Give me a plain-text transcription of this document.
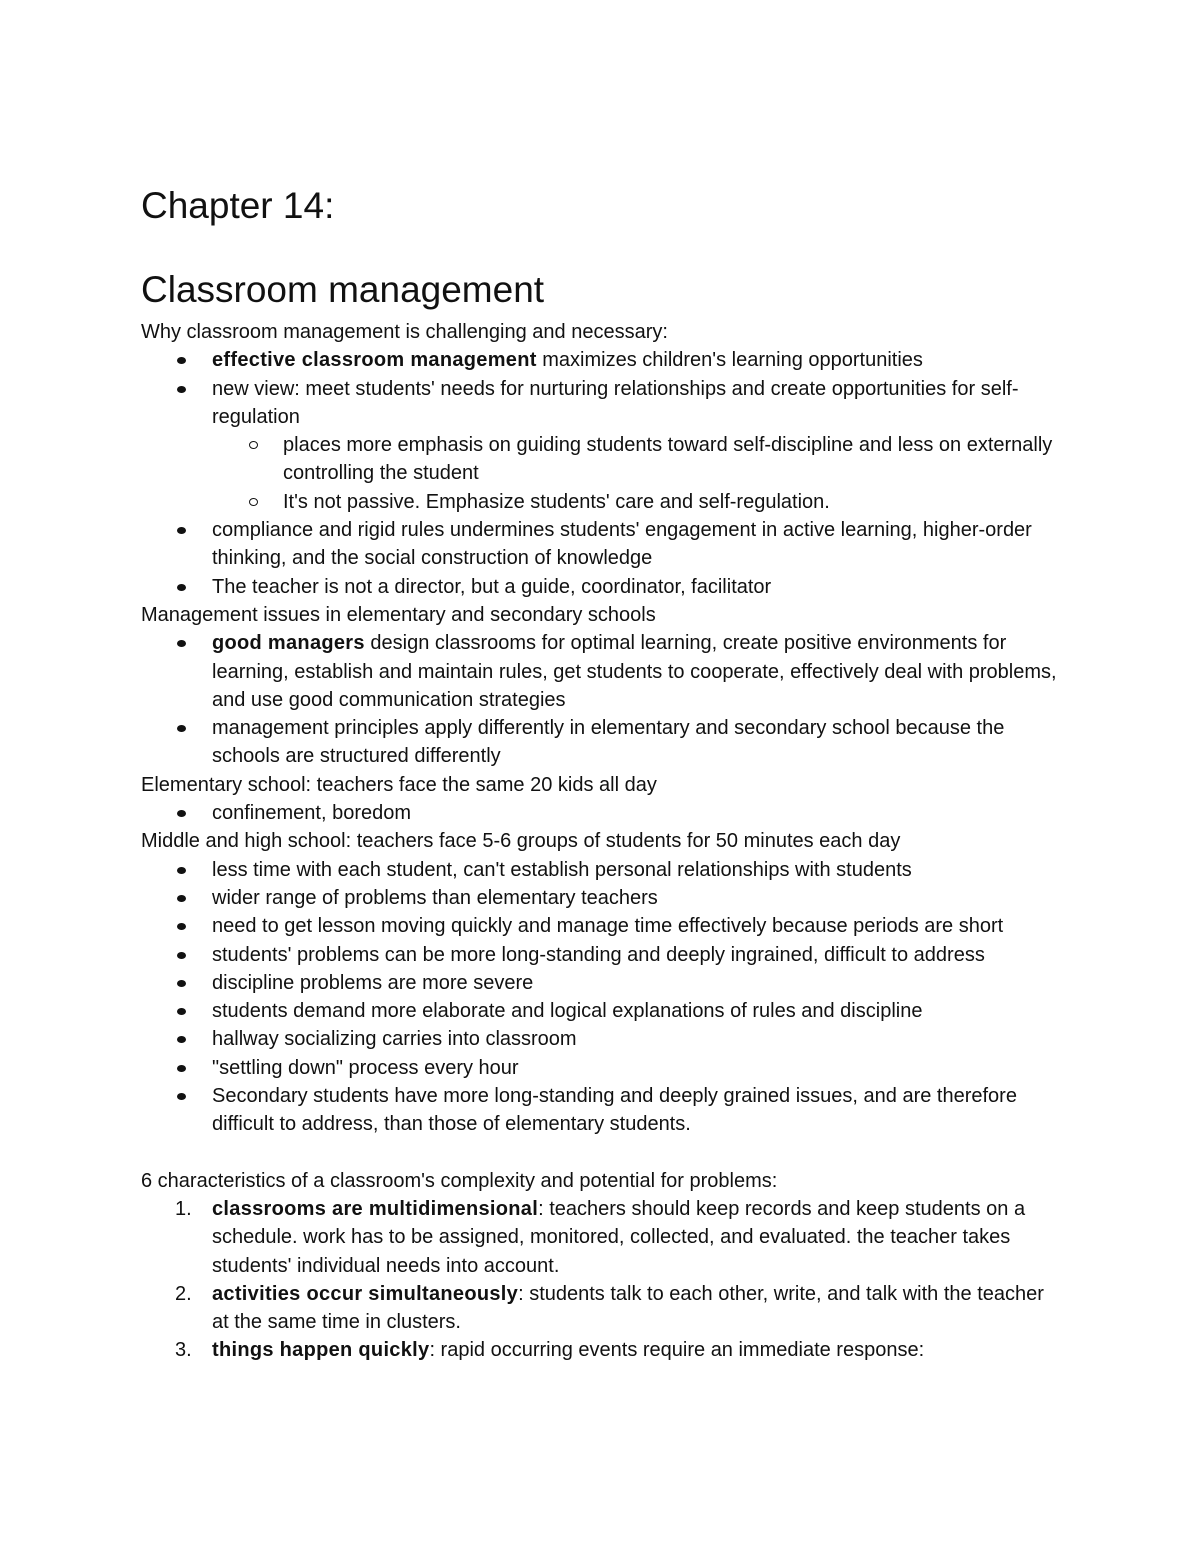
Chapter 14:
Classroom management

Why classroom management is challenging and necessary:

effective classroom management maximizes children's learning opportunities
new view: meet students' needs for nurturing relationships and create opportunities for self-regulation
places more emphasis on guiding students toward self-discipline and less on externally controlling the student
It's not passive. Emphasize students' care and self-regulation.
compliance and rigid rules undermines students' engagement in active learning, higher-order thinking, and the social construction of knowledge
The teacher is not a director, but a guide, coordinator, facilitator

Management issues in elementary and secondary schools

good managers design classrooms for optimal learning, create positive environments for learning, establish and maintain rules, get students to cooperate, effectively deal with problems, and use good communication strategies
management principles apply differently in elementary and secondary school because the schools are structured differently

Elementary school: teachers face the same 20 kids all day

confinement, boredom

Middle and high school: teachers face 5-6 groups of students for 50 minutes each day

less time with each student, can't establish personal relationships with students
wider range of problems than elementary teachers
need to get lesson moving quickly and manage time effectively because periods are short
students' problems can be more long-standing and deeply ingrained, difficult to address
discipline problems are more severe
students demand more elaborate and logical explanations of rules and discipline
hallway socializing carries into classroom
"settling down" process every hour
Secondary students have more long-standing and deeply grained issues, and are therefore difficult to address, than those of elementary students.

6 characteristics of a classroom's complexity and potential for problems:

1. classrooms are multidimensional: teachers should keep records and keep students on a schedule. work has to be assigned, monitored, collected, and evaluated. the teacher takes students' individual needs into account.
2. activities occur simultaneously: students talk to each other, write, and talk with the teacher at the same time in clusters.
3. things happen quickly: rapid occurring events require an immediate response:
